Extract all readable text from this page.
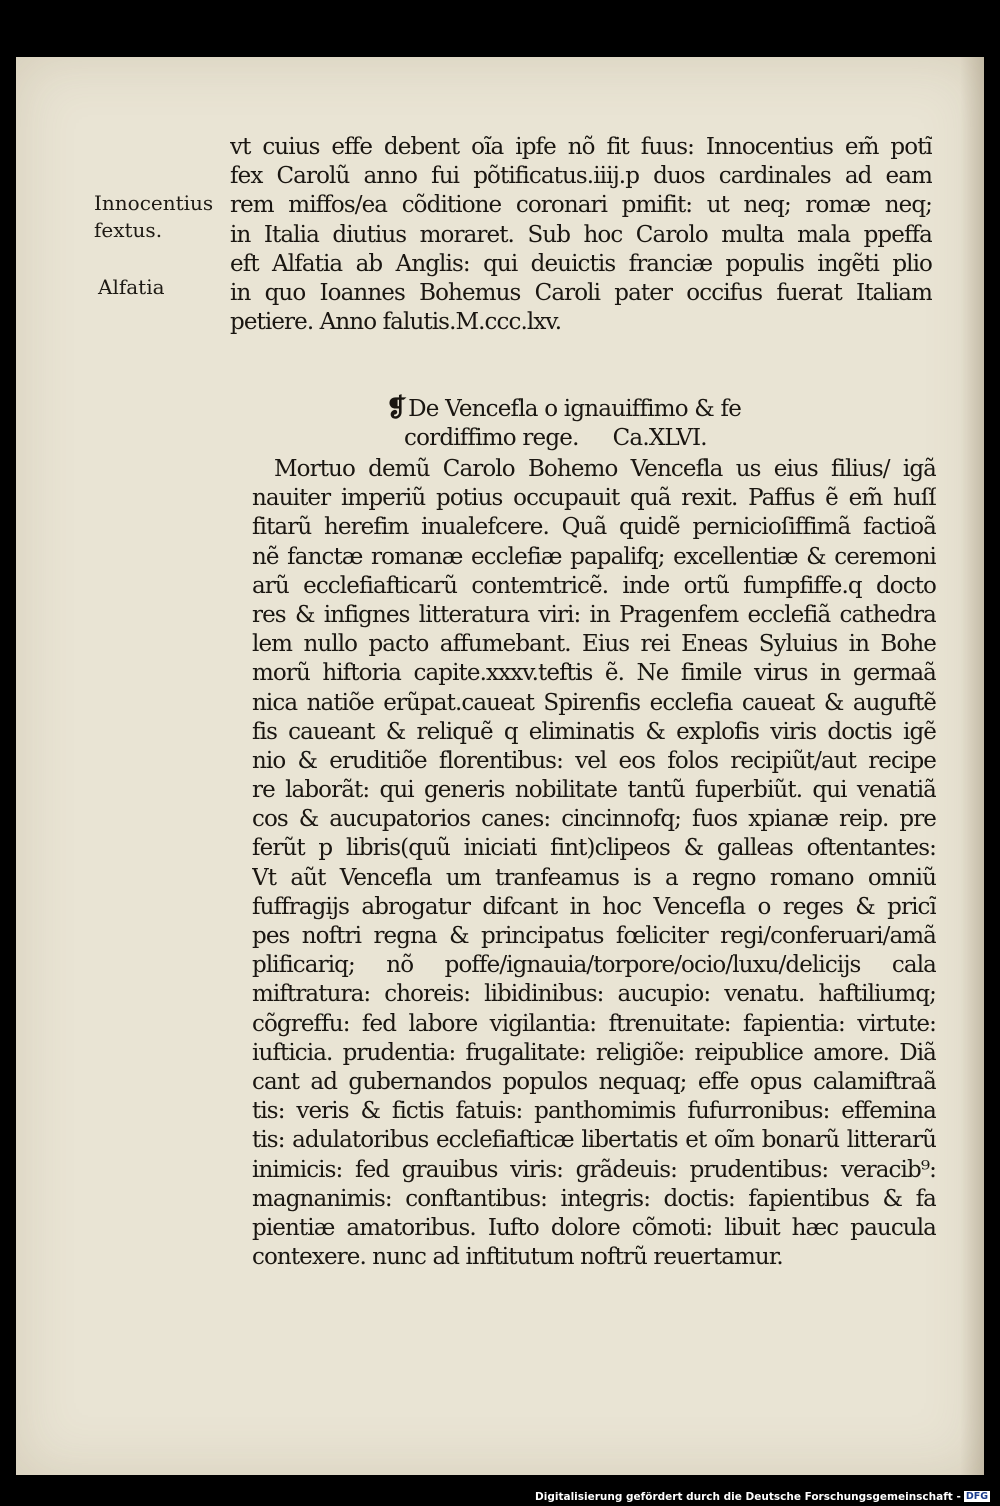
Innocentius
fextus.
Alfatia
vt cuius effe debent oĩa ipfe nõ fit fuus: Innocentius em̃ potĩ
fex Carolũ anno fui põtificatus.iiij.p duos cardinales ad eam
rem miffos/ea cõditione coronari pmifit: ut neq; romæ neq;
in Italia diutius moraret. Sub hoc Carolo multa mala ppeffa
eft Alfatia ab Anglis: qui deuictis franciæ populis ingẽti plio
in quo Ioannes Bohemus Caroli pater occifus fuerat Italiam
petiere. Anno falutis.M.ccc.lxv.
❡De Vencefla o ignauiffimo & fe
cordiffimo rege. Ca.XLVI.
Mortuo demũ Carolo Bohemo Vencefla us eius filius/ igã
nauiter imperiũ potius occupauit quã rexit. Paffus ẽ em̃ huſſ
fitarũ herefim inualefcere. Quã quidẽ pernicioſiffimã factioã
nẽ fanctæ romanæ ecclefiæ papalifq; excellentiæ & ceremoni
arũ ecclefiafticarũ contemtricẽ. inde ortũ fumpfiffe.q docto
res & infignes litteratura viri: in Pragenfem ecclefiã cathedra
lem nullo pacto affumebant. Eius rei Eneas Syluius in Bohe
morũ hiftoria capite.xxxv.teftis ẽ. Ne fimile virus in germaã
nica natiõe erũpat.caueat Spirenfis ecclefia caueat & auguftẽ
fis caueant & reliquẽ q eliminatis & explofis viris doctis igẽ
nio & eruditiõe florentibus: vel eos folos recipiũt/aut recipe
re laborãt: qui generis nobilitate tantũ fuperbiũt. qui venatiã
cos & aucupatorios canes: cincinnofq; fuos xpianæ reip. pre
ferũt p libris(quũ iniciati fint)clipeos & galleas oftentantes:
Vt aũt Vencefla um tranfeamus is a regno romano omniũ
fuffragijs abrogatur difcant in hoc Vencefla o reges & pricĩ
pes noftri regna & principatus fœliciter regi/conferuari/amã
plificariq; nõ poffe/ignauia/torpore/ocio/luxu/delicijs cala
miftratura: choreis: libidinibus: aucupio: venatu. haftiliumq;
cõgreffu: fed labore vigilantia: ftrenuitate: fapientia: virtute:
iufticia. prudentia: frugalitate: religiõe: reipublice amore. Diã
cant ad gubernandos populos nequaq; effe opus calamiftraã
tis: veris & fictis fatuis: panthomimis fufurronibus: effemina
tis: adulatoribus ecclefiafticæ libertatis et oĩm bonarũ litterarũ
inimicis: fed grauibus viris: grãdeuis: prudentibus: veracib⁹:
magnanimis: conftantibus: integris: doctis: fapientibus & fa
pientiæ amatoribus. Iufto dolore cõmoti: libuit hæc paucula
contexere. nunc ad inftitutum noftrũ reuertamur.
Digitalisierung gefördert durch die Deutsche Forschungsgemeinschaft - DFG
